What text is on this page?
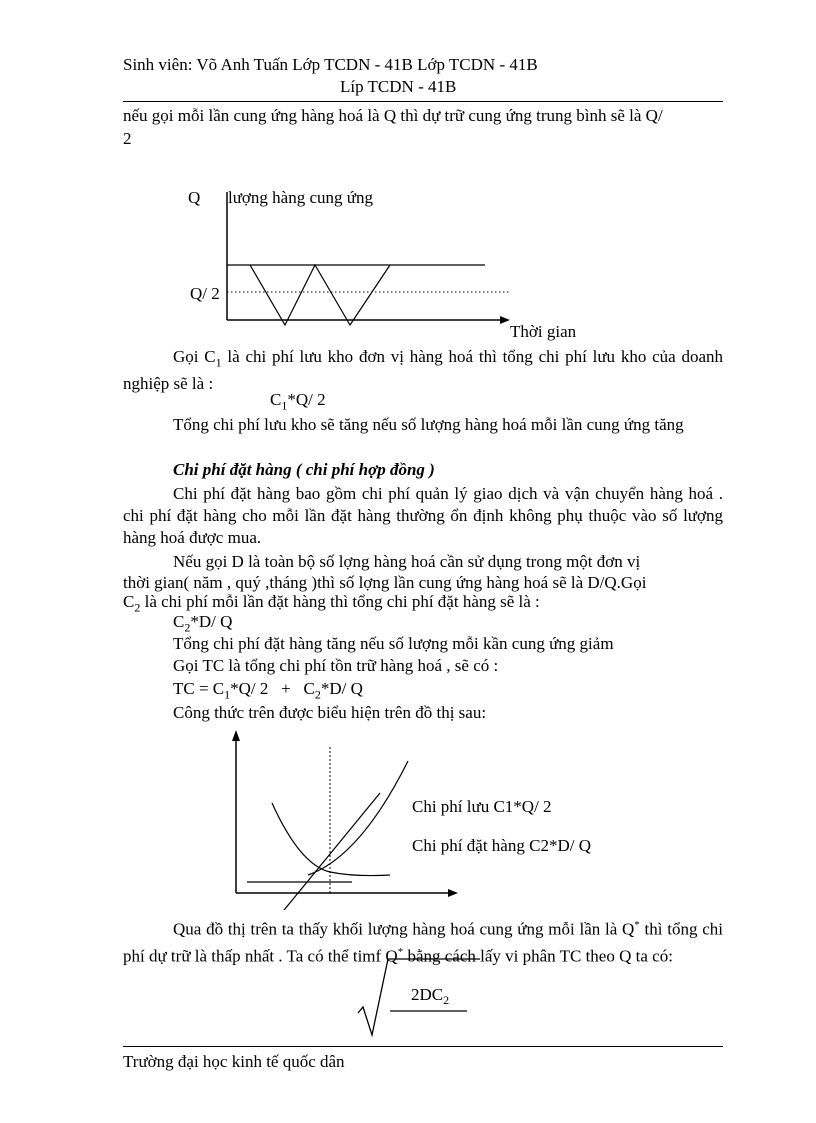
Sinh viên: Võ Anh Tuấn Lớp TCDN - 41B Lớp TCDN - 41B
Líp TCDN - 41B
nếu gọi mỗi lần cung ứng hàng hoá là Q thì dự trữ cung ứng trung bình sẽ là Q/
2
Q lượng hàng cung ứng
Q/ 2
Thời gian
Gọi $C_1$ là chi phí lưu kho đơn vị hàng hoá thì tổng chi phí lưu kho của doanh nghiệp sẽ là :
$C_1*Q/$ 2
Tổng chi phí lưu kho sẽ tăng nếu số lượng hàng hoá mỗi lần cung ứng tăng
Chi phí đặt hàng ( chi phí hợp đồng )
Chi phí đặt hàng bao gồm chi phí quản lý giao dịch và vận chuyển hàng hoá . chi phí đặt hàng cho mỗi lần đặt hàng thường ổn định không phụ thuộc vào số lượng hàng hoá được mua.
Nếu gọi D là toàn bộ số lợng hàng hoá cần sử dụng trong một đơn vị
thời gian( năm , quý ,tháng )thì số lợng lần cung ứng hàng hoá sẽ là D/Q.Gọi
$C_2$ là chi phí mỗi lần đặt hàng thì tổng chi phí đặt hàng sẽ là :
$C_2*D/$ Q
Tổng chi phí đặt hàng tăng nếu số lượng mỗi kần cung ứng giảm
Gọi TC là tổng chi phí tồn trữ hàng hoá , sẽ có :
TC = $C_1*Q/$ $2 + C_2*D/$ Q
Công thức trên được biểu hiện trên đồ thị sau:
Chi phí lưu C1*Q/ 2
Chi phí đặt hàng C2*D/ Q
Qua đồ thị trên ta thấy khối lượng hàng hoá cung ứng mỗi lần là Q* thì tổng chi phí dự trữ là thấp nhất . Ta có thể timf Q* bằng cách lấy vi phân TC theo Q ta có:
$2DC_2$
Trường đại học kinh tế quốc dân
